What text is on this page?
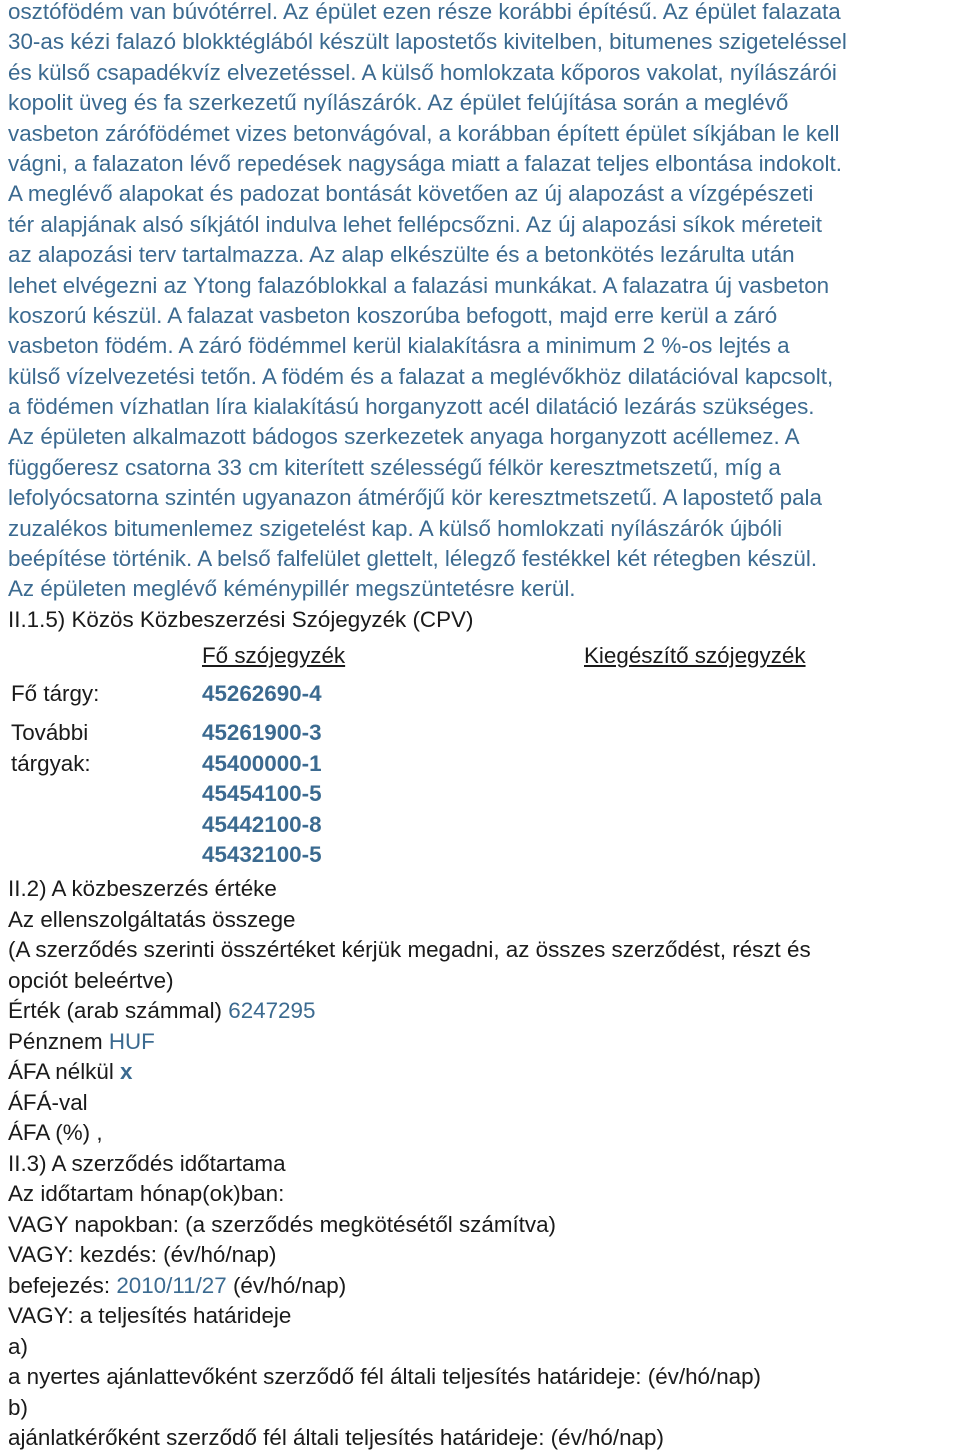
osztófödém van búvótérrel. Az épület ezen része korábbi építésű. Az épület falazata
30-as kézi falazó blokktéglából készült lapostetős kivitelben, bitumenes szigeteléssel
és külső csapadékvíz elvezetéssel. A külső homlokzata kőporos vakolat, nyílászárói
kopolit üveg és fa szerkezetű nyílászárók. Az épület felújítása során a meglévő
vasbeton zárófödémet vizes betonvágóval, a korábban épített épület síkjában le kell
vágni, a falazaton lévő repedések nagysága miatt a falazat teljes elbontása indokolt.
A meglévő alapokat és padozat bontását követően az új alapozást a vízgépészeti
tér alapjának alsó síkjától indulva lehet fellépcsőzni. Az új alapozási síkok méreteit
az alapozási terv tartalmazza. Az alap elkészülte és a betonkötés lezárulta után
lehet elvégezni az Ytong falazóblokkal a falazási munkákat. A falazatra új vasbeton
koszorú készül. A falazat vasbeton koszorúba befogott, majd erre kerül a záró
vasbeton födém. A záró födémmel kerül kialakításra a minimum 2 %-os lejtés a
külső vízelvezetési tetőn. A födém és a falazat a meglévőkhöz dilatációval kapcsolt,
a födémen vízhatlan líra kialakítású horganyzott acél dilatáció lezárás szükséges.
Az épületen alkalmazott bádogos szerkezetek anyaga horganyzott acéllemez. A
függőeresz csatorna 33 cm kiterített szélességű félkör keresztmetszetű, míg a
lefolyócsatorna szintén ugyanazon átmérőjű kör keresztmetszetű. A lapostető pala
zuzalékos bitumenlemez szigetelést kap. A külső homlokzati nyílászárók újbóli
beépítése történik. A belső falfelület glettelt, lélegző festékkel két rétegben készül.
Az épületen meglévő kéménypillér megszüntetésre kerül.
II.1.5) Közös Közbeszerzési Szójegyzék (CPV)
Fő szójegyzék	Kiegészítő szójegyzék
Fő tárgy:	45262690-4
További
tárgyak:
45261900-3
45400000-1
45454100-5
45442100-8
45432100-5
II.2) A közbeszerzés értéke
Az ellenszolgáltatás összege
(A szerződés szerinti összértéket kérjük megadni, az összes szerződést, részt és
opciót beleértve)
Érték (arab számmal) 6247295
Pénznem HUF
ÁFA nélkül x
ÁFÁ-val
ÁFA (%) ,
II.3) A szerződés időtartama
Az időtartam hónap(ok)ban:
VAGY napokban: (a szerződés megkötésétől számítva)
VAGY: kezdés: (év/hó/nap)
befejezés: 2010/11/27 (év/hó/nap)
VAGY: a teljesítés határideje
a)
a nyertes ajánlattevőként szerződő fél általi teljesítés határideje: (év/hó/nap)
b)
ajánlatkérőként szerződő fél általi teljesítés határideje: (év/hó/nap)
